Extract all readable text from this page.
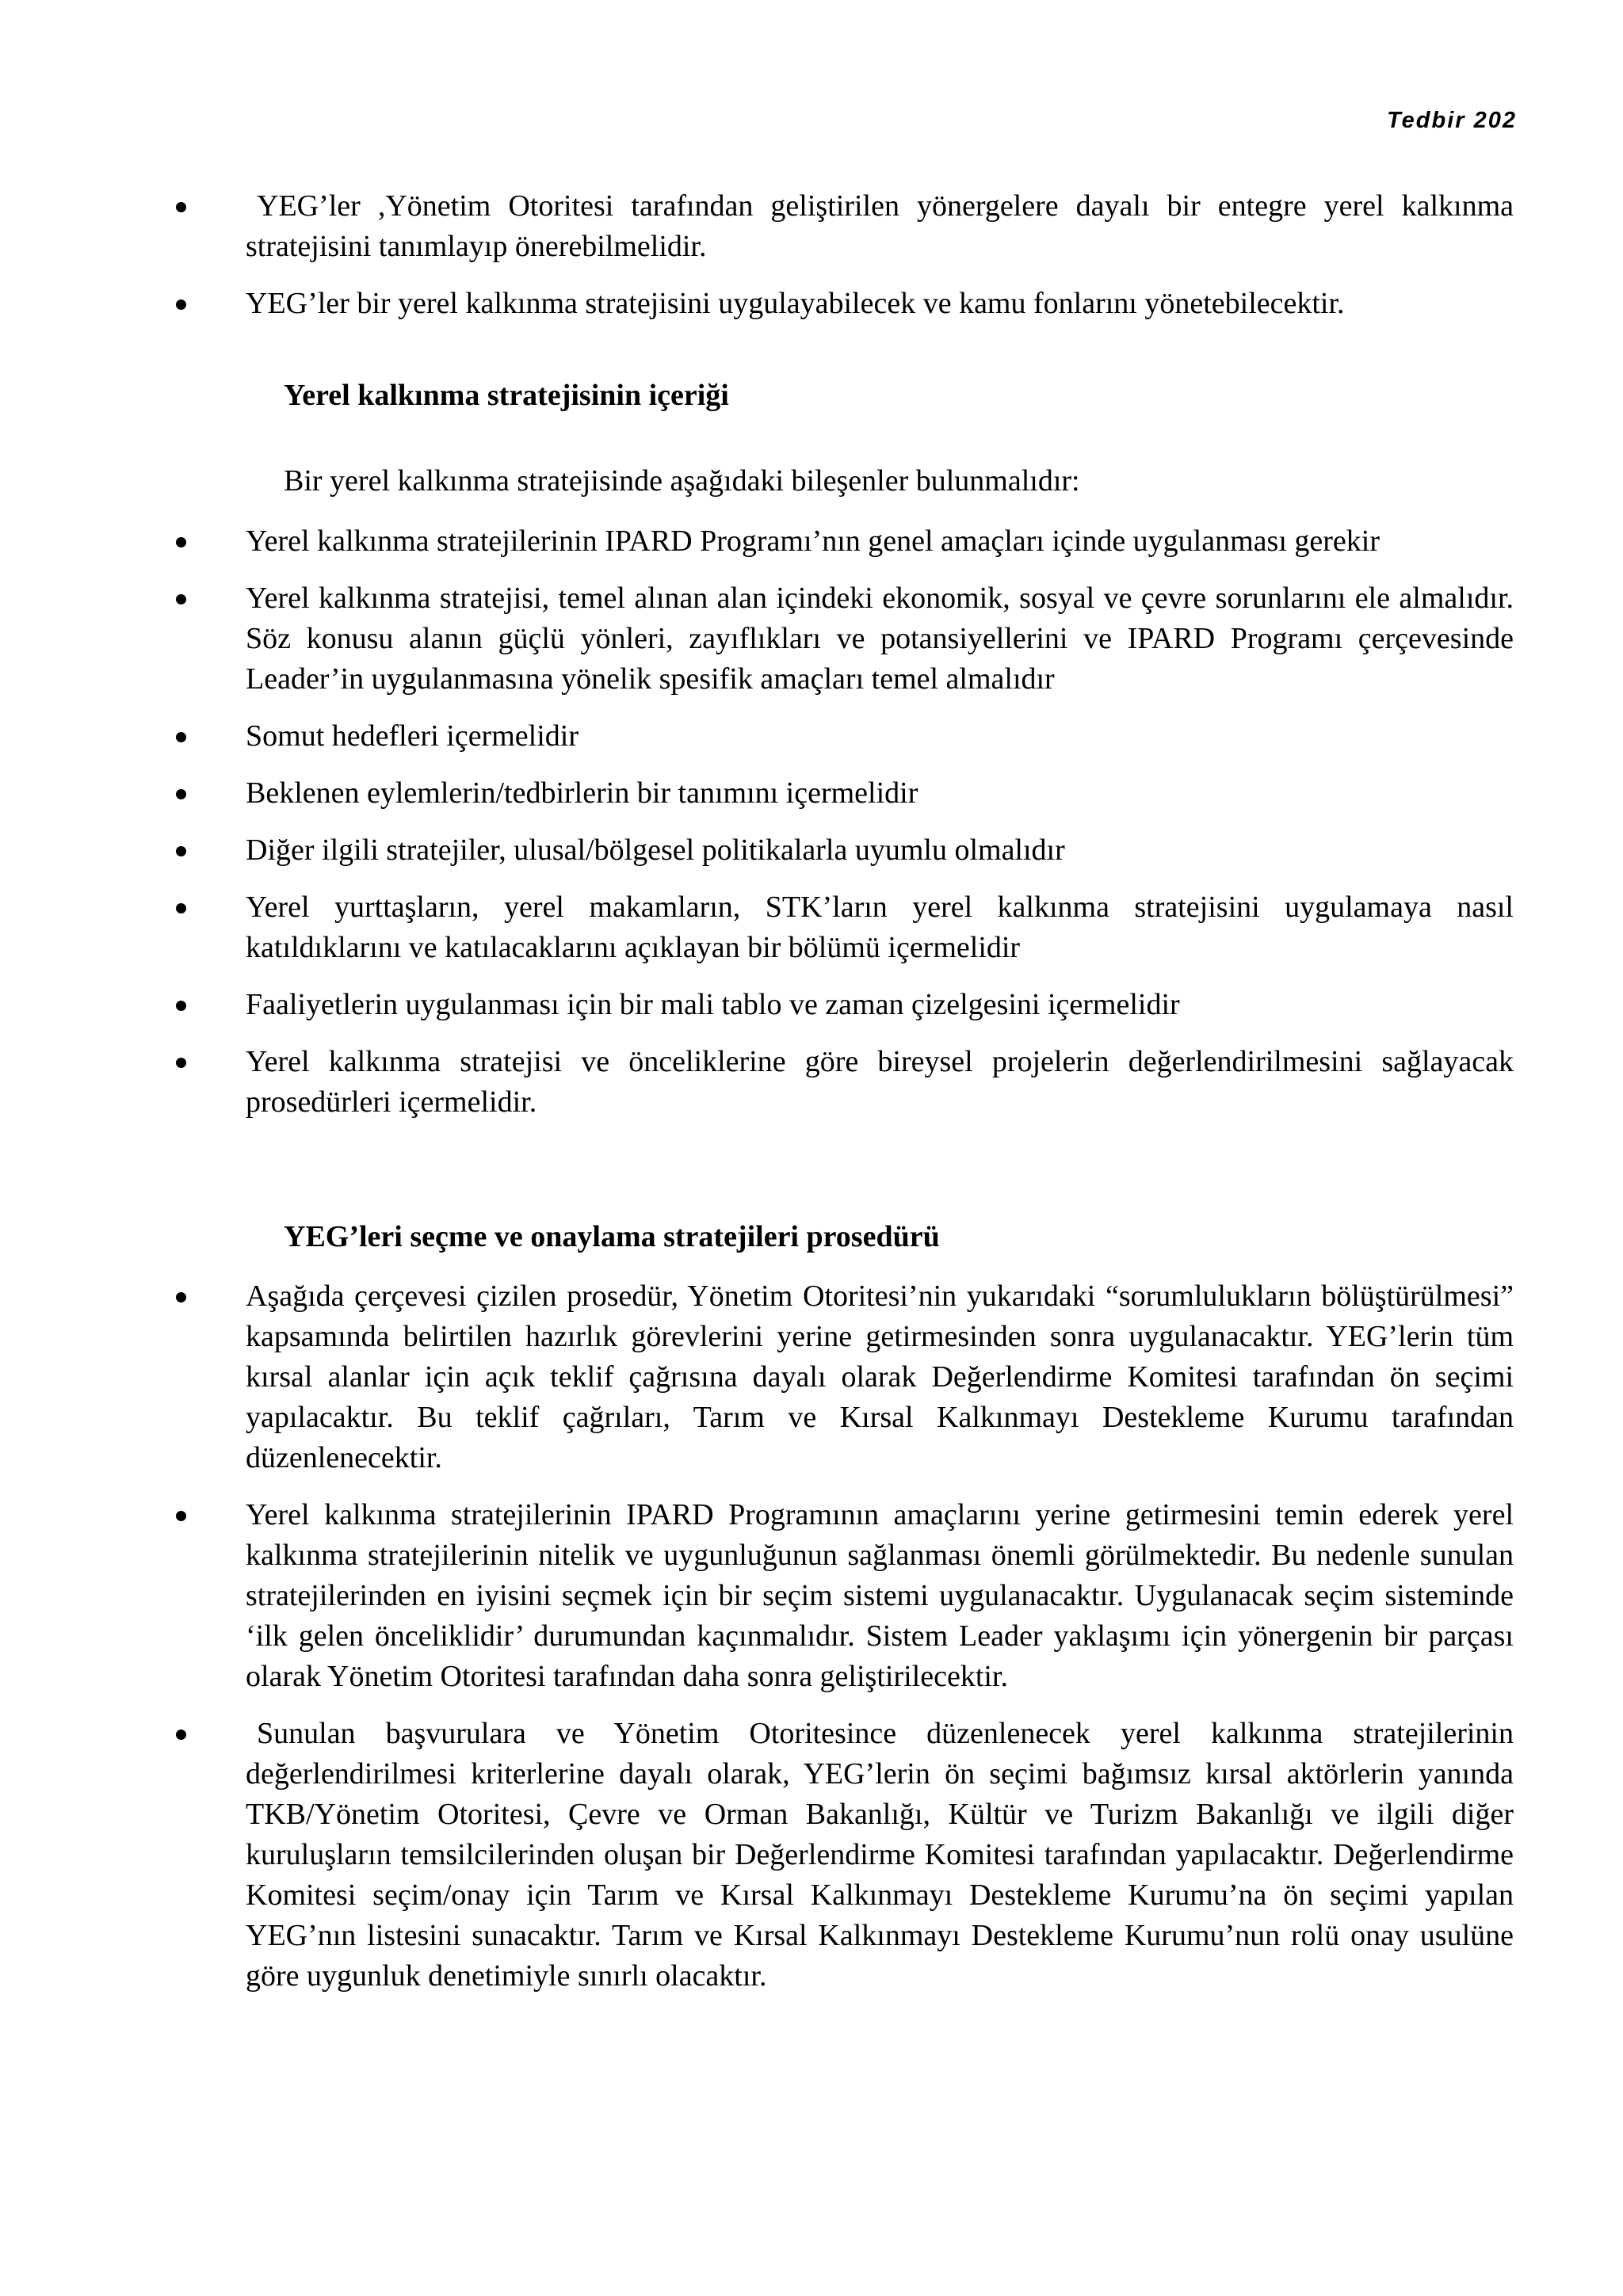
Tedbir 202
YEG’ler ,Yönetim Otoritesi tarafından geliştirilen yönergelere dayalı bir entegre yerel kalkınma stratejisini tanımlayıp önerebilmelidir.
YEG’ler bir yerel kalkınma stratejisini uygulayabilecek ve kamu fonlarını yönetebilecektir.
Yerel kalkınma stratejisinin içeriği
Bir yerel kalkınma stratejisinde aşağıdaki bileşenler bulunmalıdır:
Yerel kalkınma stratejilerinin IPARD Programı’nın genel amaçları içinde uygulanması gerekir
Yerel kalkınma stratejisi, temel alınan alan içindeki ekonomik, sosyal ve çevre sorunlarını ele almalıdır. Söz konusu alanın güçlü yönleri, zayıflıkları ve potansiyellerini ve IPARD Programı çerçevesinde Leader’in uygulanmasına yönelik spesifik amaçları temel almalıdır
Somut hedefleri içermelidir
Beklenen eylemlerin/tedbirlerin bir tanımını içermelidir
Diğer ilgili stratejiler, ulusal/bölgesel politikalarla uyumlu olmalıdır
Yerel yurttaşların, yerel makamların, STK’ların yerel kalkınma stratejisini uygulamaya nasıl katıldıklarını ve katılacaklarını açıklayan bir bölümü içermelidir
Faaliyetlerin uygulanması için bir mali tablo ve zaman çizelgesini içermelidir
Yerel kalkınma stratejisi ve önceliklerine göre bireysel projelerin değerlendirilmesini sağlayacak prosedürleri içermelidir.
YEG’leri seçme ve onaylama stratejileri prosedürü
Aşağıda çerçevesi çizilen prosedür, Yönetim Otoritesi’nin yukarıdaki “sorumlulukların bölüştürülmesi” kapsamında belirtilen hazırlık görevlerini yerine getirmesinden sonra uygulanacaktır. YEG’lerin tüm kırsal alanlar için açık teklif çağrısına dayalı olarak Değerlendirme Komitesi tarafından ön seçimi yapılacaktır. Bu teklif çağrıları, Tarım ve Kırsal Kalkınmayı Destekleme Kurumu tarafından düzenlenecektir.
Yerel kalkınma stratejilerinin IPARD Programının amaçlarını yerine getirmesini temin ederek yerel kalkınma stratejilerinin nitelik ve uygunluğunun sağlanması önemli görülmektedir. Bu nedenle sunulan stratejilerinden en iyisini seçmek için bir seçim sistemi uygulanacaktır. Uygulanacak seçim sisteminde ‘ilk gelen önceliklidir’ durumundan kaçınmalıdır. Sistem Leader yaklaşımı için yönergenin bir parçası olarak Yönetim Otoritesi tarafından daha sonra geliştirilecektir.
Sunulan başvurulara ve Yönetim Otoritesince düzenlenecek yerel kalkınma stratejilerinin değerlendirilmesi kriterlerine dayalı olarak, YEG’lerin ön seçimi bağımsız kırsal aktörlerin yanında TKB/Yönetim Otoritesi, Çevre ve Orman Bakanlığı, Kültür ve Turizm Bakanlığı ve ilgili diğer kuruluşların temsilcilerinden oluşan bir Değerlendirme Komitesi tarafından yapılacaktır. Değerlendirme Komitesi seçim/onay için Tarım ve Kırsal Kalkınmayı Destekleme Kurumu’na ön seçimi yapılan YEG’nın listesini sunacaktır. Tarım ve Kırsal Kalkınmayı Destekleme Kurumu’nun rolü onay usulüne göre uygunluk denetimiyle sınırlı olacaktır.
